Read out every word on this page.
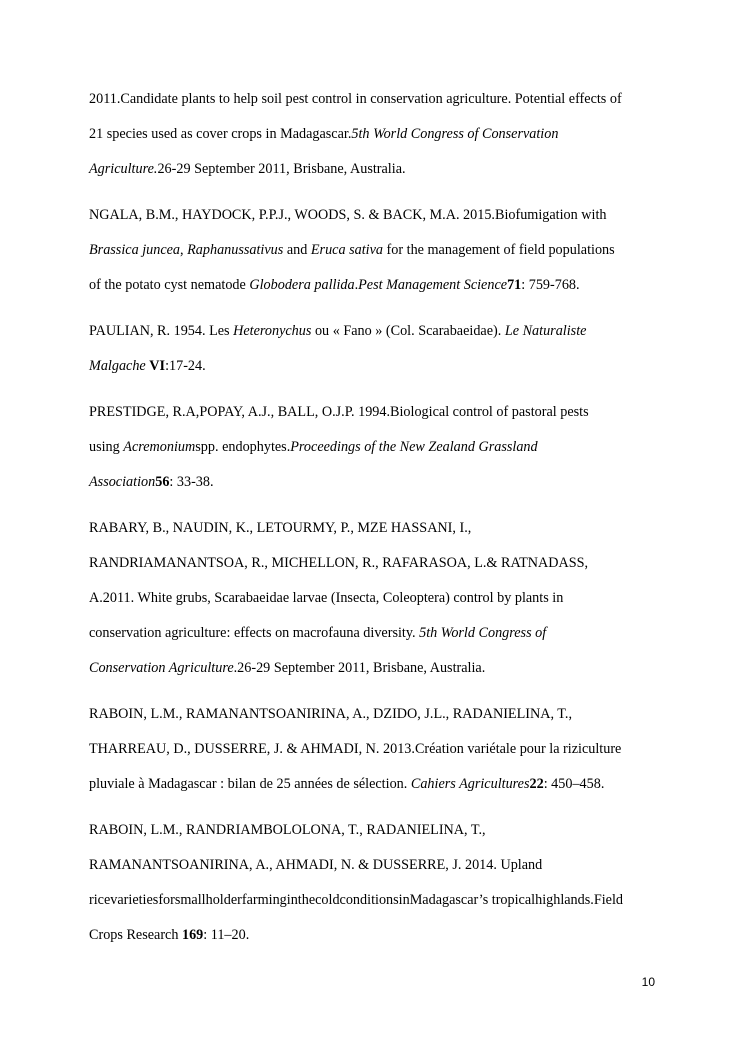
2011.Candidate plants to help soil pest control in conservation agriculture. Potential effects of
21 species used as cover crops in Madagascar.5th World Congress of Conservation
Agriculture.26-29 September 2011, Brisbane, Australia.
NGALA, B.M., HAYDOCK, P.P.J., WOODS, S. & BACK, M.A. 2015.Biofumigation with
Brassica juncea, Raphanussativus and Eruca sativa for the management of field populations
of the potato cyst nematode Globodera pallida.Pest Management Science71: 759-768.
PAULIAN, R. 1954. Les Heteronychus ou « Fano » (Col. Scarabaeidae). Le Naturaliste
Malgache VI:17-24.
PRESTIDGE, R.A,POPAY, A.J., BALL, O.J.P. 1994.Biological control of pastoral pests
using Acremoniumspp. endophytes.Proceedings of the New Zealand Grassland
Association56: 33-38.
RABARY, B., NAUDIN, K., LETOURMY, P., MZE HASSANI, I.,
RANDRIAMANANTSOA, R., MICHELLON, R., RAFARASOA, L.& RATNADASS,
A.2011. White grubs, Scarabaeidae larvae (Insecta, Coleoptera) control by plants in
conservation agriculture: effects on macrofauna diversity. 5th World Congress of
Conservation Agriculture.26-29 September 2011, Brisbane, Australia.
RABOIN, L.M., RAMANANTSOANIRINA, A., DZIDO, J.L., RADANIELINA, T.,
THARREAU, D., DUSSERRE, J. & AHMADI, N. 2013.Création variétale pour la riziculture
pluviale à Madagascar : bilan de 25 années de sélection. Cahiers Agricultures22: 450–458.
RABOIN, L.M., RANDRIAMBOLOLONA, T., RADANIELINA, T.,
RAMANANTSOANIRINA, A., AHMADI, N. & DUSSERRE, J. 2014. Upland
ricevarietiesforsmallholderfarminginthecoldconditionsinMadagascar’s tropicalhighlands.Field
Crops Research 169: 11–20.
10
